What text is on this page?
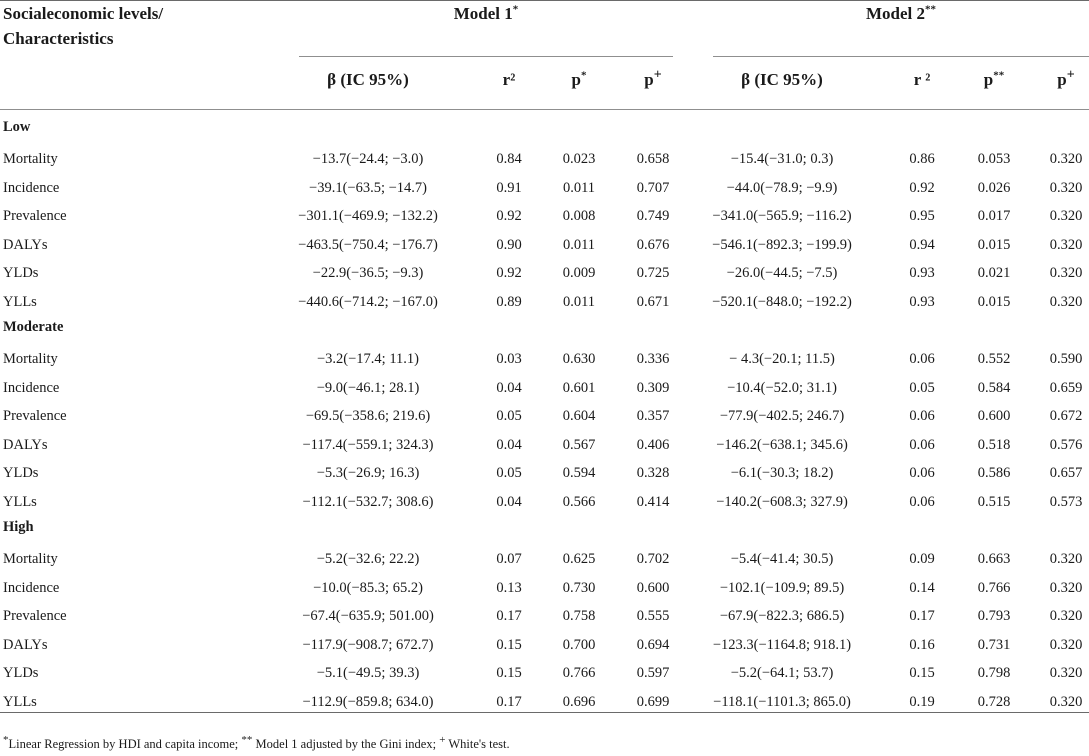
Socialeconomic levels/
Characteristics
Model 1*	Model 2**
β (IC 95%)	r²	p*	p+	β (IC 95%)	r ²	p**	p+
Low
Mortality	−13.7(−24.4; −3.0)	0.84	0.023	0.658	−15.4(−31.0; 0.3)	0.86	0.053	0.320
Incidence	−39.1(−63.5; −14.7)	0.91	0.011	0.707	−44.0(−78.9; −9.9)	0.92	0.026	0.320
Prevalence	−301.1(−469.9; −132.2)	0.92	0.008	0.749	−341.0(−565.9; −116.2)	0.95	0.017	0.320
DALYs	−463.5(−750.4; −176.7)	0.90	0.011	0.676	−546.1(−892.3; −199.9)	0.94	0.015	0.320
YLDs	−22.9(−36.5; −9.3)	0.92	0.009	0.725	−26.0(−44.5; −7.5)	0.93	0.021	0.320
YLLs	−440.6(−714.2; −167.0)	0.89	0.011	0.671	−520.1(−848.0; −192.2)	0.93	0.015	0.320
Moderate
Mortality	−3.2(−17.4; 11.1)	0.03	0.630	0.336	− 4.3(−20.1; 11.5)	0.06	0.552	0.590
Incidence	−9.0(−46.1; 28.1)	0.04	0.601	0.309	−10.4(−52.0; 31.1)	0.05	0.584	0.659
Prevalence	−69.5(−358.6; 219.6)	0.05	0.604	0.357	−77.9(−402.5; 246.7)	0.06	0.600	0.672
DALYs	−117.4(−559.1; 324.3)	0.04	0.567	0.406	−146.2(−638.1; 345.6)	0.06	0.518	0.576
YLDs	−5.3(−26.9; 16.3)	0.05	0.594	0.328	−6.1(−30.3; 18.2)	0.06	0.586	0.657
YLLs	−112.1(−532.7; 308.6)	0.04	0.566	0.414	−140.2(−608.3; 327.9)	0.06	0.515	0.573
High
Mortality	−5.2(−32.6; 22.2)	0.07	0.625	0.702	−5.4(−41.4; 30.5)	0.09	0.663	0.320
Incidence	−10.0(−85.3; 65.2)	0.13	0.730	0.600	−102.1(−109.9; 89.5)	0.14	0.766	0.320
Prevalence	−67.4(−635.9; 501.00)	0.17	0.758	0.555	−67.9(−822.3; 686.5)	0.17	0.793	0.320
DALYs	−117.9(−908.7; 672.7)	0.15	0.700	0.694	−123.3(−1164.8; 918.1)	0.16	0.731	0.320
YLDs	−5.1(−49.5; 39.3)	0.15	0.766	0.597	−5.2(−64.1; 53.7)	0.15	0.798	0.320
YLLs	−112.9(−859.8; 634.0)	0.17	0.696	0.699	−118.1(−1101.3; 865.0)	0.19	0.728	0.320
*Linear Regression by HDI and capita income; ** Model 1 adjusted by the Gini index; + White's test.
